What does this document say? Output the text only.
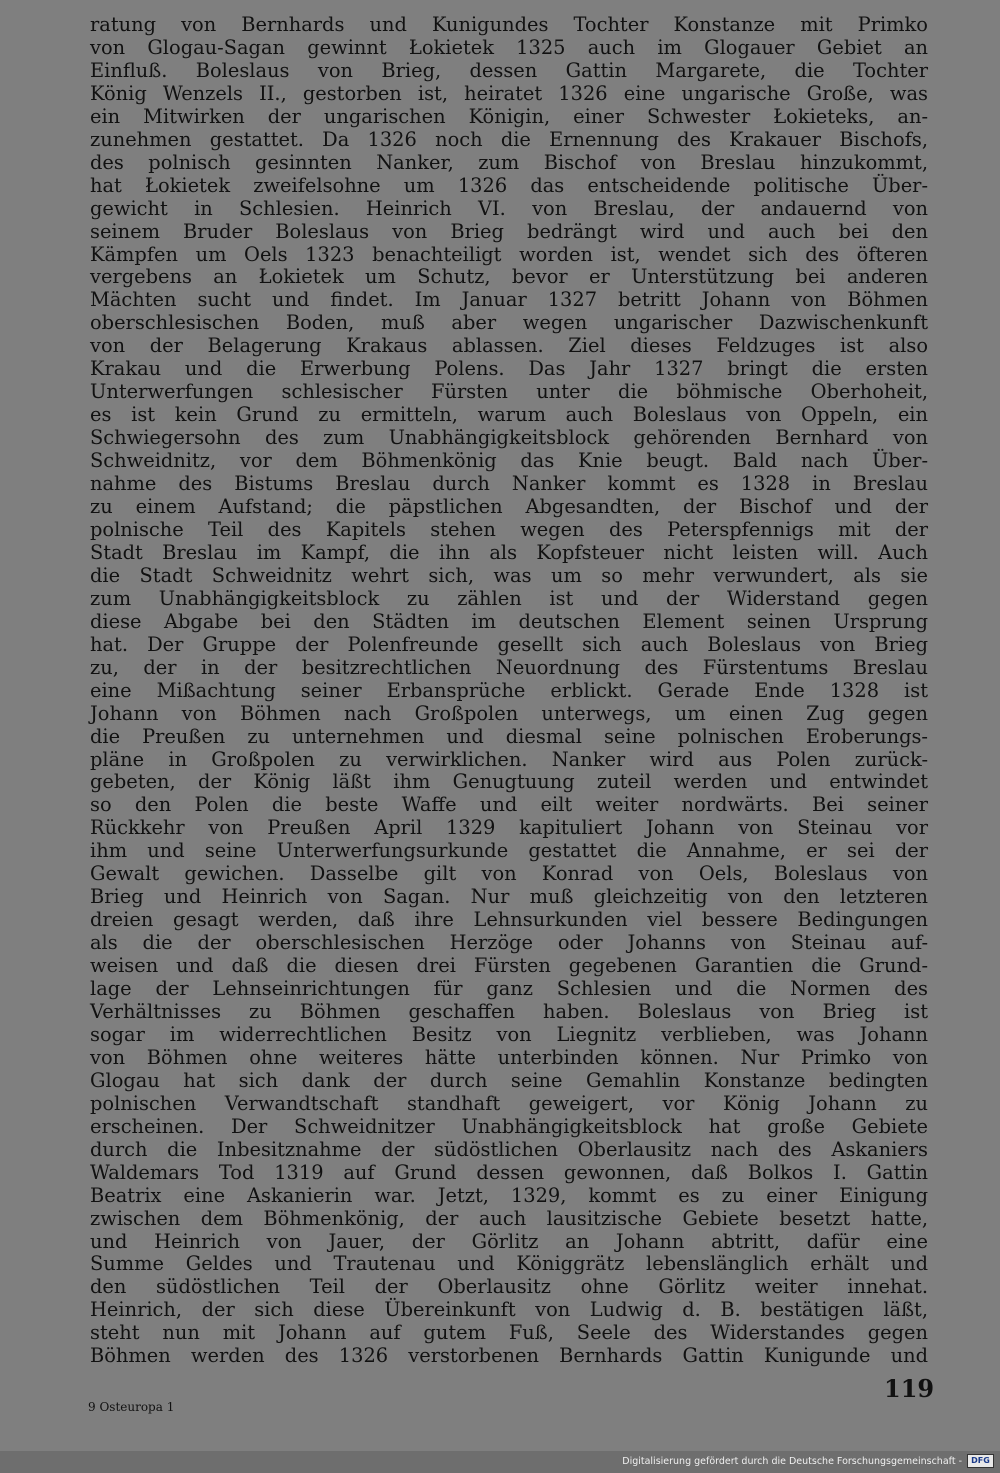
ratung von Bernhards und Kunigundes Tochter Konstanze mit Primko
von Glogau-Sagan gewinnt Łokietek 1325 auch im Glogauer Gebiet an
Einfluß. Boleslaus von Brieg, dessen Gattin Margarete, die Tochter
König Wenzels II., gestorben ist, heiratet 1326 eine ungarische Große, was
ein Mitwirken der ungarischen Königin, einer Schwester Łokieteks, an-
zunehmen gestattet. Da 1326 noch die Ernennung des Krakauer Bischofs,
des polnisch gesinnten Nanker, zum Bischof von Breslau hinzukommt,
hat Łokietek zweifelsohne um 1326 das entscheidende politische Über-
gewicht in Schlesien. Heinrich VI. von Breslau, der andauernd von
seinem Bruder Boleslaus von Brieg bedrängt wird und auch bei den
Kämpfen um Oels 1323 benachteiligt worden ist, wendet sich des öfteren
vergebens an Łokietek um Schutz, bevor er Unterstützung bei anderen
Mächten sucht und findet. Im Januar 1327 betritt Johann von Böhmen
oberschlesischen Boden, muß aber wegen ungarischer Dazwischenkunft
von der Belagerung Krakaus ablassen. Ziel dieses Feldzuges ist also
Krakau und die Erwerbung Polens. Das Jahr 1327 bringt die ersten
Unterwerfungen schlesischer Fürsten unter die böhmische Oberhoheit,
es ist kein Grund zu ermitteln, warum auch Boleslaus von Oppeln, ein
Schwiegersohn des zum Unabhängigkeitsblock gehörenden Bernhard von
Schweidnitz, vor dem Böhmenkönig das Knie beugt. Bald nach Über-
nahme des Bistums Breslau durch Nanker kommt es 1328 in Breslau
zu einem Aufstand; die päpstlichen Abgesandten, der Bischof und der
polnische Teil des Kapitels stehen wegen des Peterspfennigs mit der
Stadt Breslau im Kampf, die ihn als Kopfsteuer nicht leisten will. Auch
die Stadt Schweidnitz wehrt sich, was um so mehr verwundert, als sie
zum Unabhängigkeitsblock zu zählen ist und der Widerstand gegen
diese Abgabe bei den Städten im deutschen Element seinen Ursprung
hat. Der Gruppe der Polenfreunde gesellt sich auch Boleslaus von Brieg
zu, der in der besitzrechtlichen Neuordnung des Fürstentums Breslau
eine Mißachtung seiner Erbansprüche erblickt. Gerade Ende 1328 ist
Johann von Böhmen nach Großpolen unterwegs, um einen Zug gegen
die Preußen zu unternehmen und diesmal seine polnischen Eroberungs-
pläne in Großpolen zu verwirklichen. Nanker wird aus Polen zurück-
gebeten, der König läßt ihm Genugtuung zuteil werden und entwindet
so den Polen die beste Waffe und eilt weiter nordwärts. Bei seiner
Rückkehr von Preußen April 1329 kapituliert Johann von Steinau vor
ihm und seine Unterwerfungsurkunde gestattet die Annahme, er sei der
Gewalt gewichen. Dasselbe gilt von Konrad von Oels, Boleslaus von
Brieg und Heinrich von Sagan. Nur muß gleichzeitig von den letzteren
dreien gesagt werden, daß ihre Lehnsurkunden viel bessere Bedingungen
als die der oberschlesischen Herzöge oder Johanns von Steinau auf-
weisen und daß die diesen drei Fürsten gegebenen Garantien die Grund-
lage der Lehnseinrichtungen für ganz Schlesien und die Normen des
Verhältnisses zu Böhmen geschaffen haben. Boleslaus von Brieg ist
sogar im widerrechtlichen Besitz von Liegnitz verblieben, was Johann
von Böhmen ohne weiteres hätte unterbinden können. Nur Primko von
Glogau hat sich dank der durch seine Gemahlin Konstanze bedingten
polnischen Verwandtschaft standhaft geweigert, vor König Johann zu
erscheinen. Der Schweidnitzer Unabhängigkeitsblock hat große Gebiete
durch die Inbesitznahme der südöstlichen Oberlausitz nach des Askaniers
Waldemars Tod 1319 auf Grund dessen gewonnen, daß Bolkos I. Gattin
Beatrix eine Askanierin war. Jetzt, 1329, kommt es zu einer Einigung
zwischen dem Böhmenkönig, der auch lausitzische Gebiete besetzt hatte,
und Heinrich von Jauer, der Görlitz an Johann abtritt, dafür eine
Summe Geldes und Trautenau und Königgrätz lebenslänglich erhält und
den südöstlichen Teil der Oberlausitz ohne Görlitz weiter innehat.
Heinrich, der sich diese Übereinkunft von Ludwig d. B. bestätigen läßt,
steht nun mit Johann auf gutem Fuß, Seele des Widerstandes gegen
Böhmen werden des 1326 verstorbenen Bernhards Gattin Kunigunde und
119
9 Osteuropa 1
Digitalisierung gefördert durch die Deutsche Forschungsgemeinschaft -	DFG
